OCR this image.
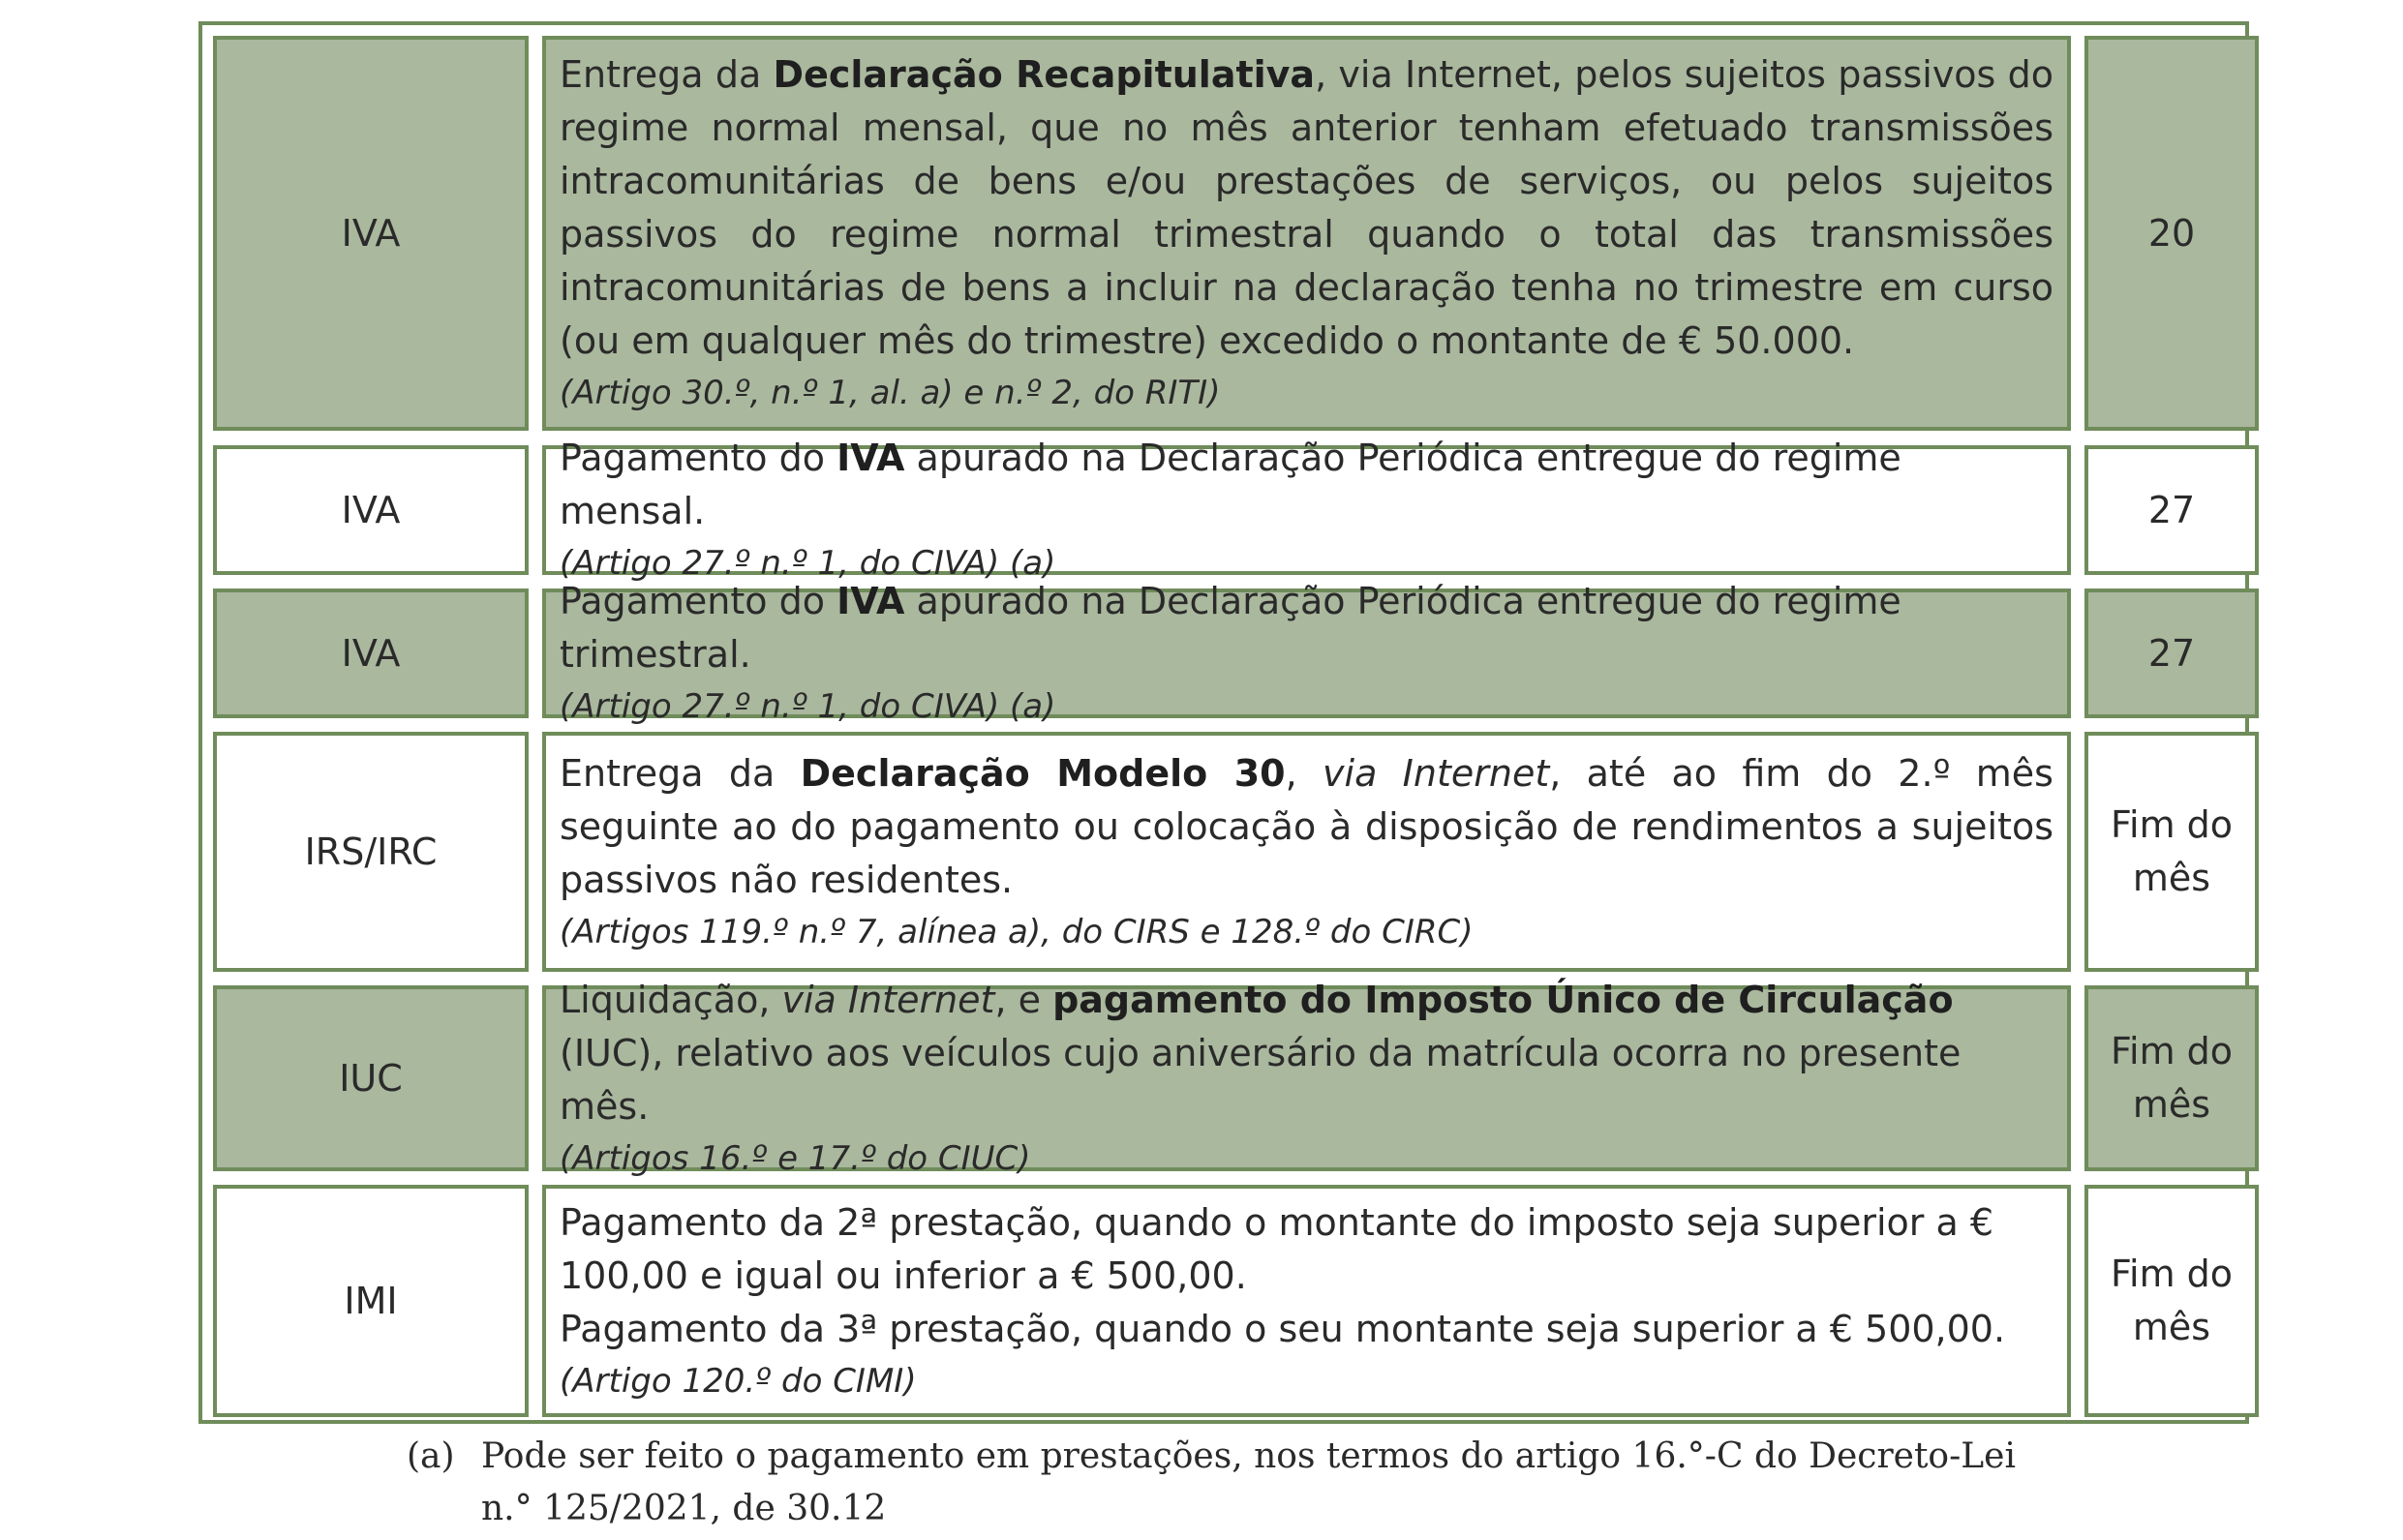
IVA
Entrega da Declaração Recapitulativa, via Internet, pelos sujeitos passivos do regime normal mensal, que no mês anterior tenham efetuado transmissões intracomunitárias de bens e/ou prestações de serviços, ou pelos sujeitos passivos do regime normal trimestral quando o total das transmissões intracomunitárias de bens a incluir na declaração tenha no trimestre em curso (ou em qualquer mês do trimestre) excedido o montante de € 50.000.
(Artigo 30.º, n.º 1, al. a) e n.º 2, do RITI)
20
IVA
Pagamento do IVA apurado na Declaração Periódica entregue do regime mensal.
(Artigo 27.º n.º 1, do CIVA) (a)
27
IVA
Pagamento do IVA apurado na Declaração Periódica entregue do regime trimestral.
(Artigo 27.º n.º 1, do CIVA) (a)
27
IRS/IRC
Entrega da Declaração Modelo 30, via Internet, até ao fim do 2.º mês seguinte ao do pagamento ou colocação à disposição de rendimentos a sujeitos passivos não residentes.
(Artigos 119.º n.º 7, alínea a), do CIRS e 128.º do CIRC)
Fim do mês
IUC
Liquidação, via Internet, e pagamento do Imposto Único de Circulação (IUC), relativo aos veículos cujo aniversário da matrícula ocorra no presente mês.
(Artigos 16.º e 17.º do CIUC)
Fim do mês
IMI
Pagamento da 2ª prestação, quando o montante do imposto seja superior a € 100,00 e igual ou inferior a € 500,00.
Pagamento da 3ª prestação, quando o seu montante seja superior a € 500,00.
(Artigo 120.º do CIMI)
Fim do mês
(a) Pode ser feito o pagamento em prestações, nos termos do artigo 16.°-C do Decreto-Lei n.° 125/2021, de 30.12
